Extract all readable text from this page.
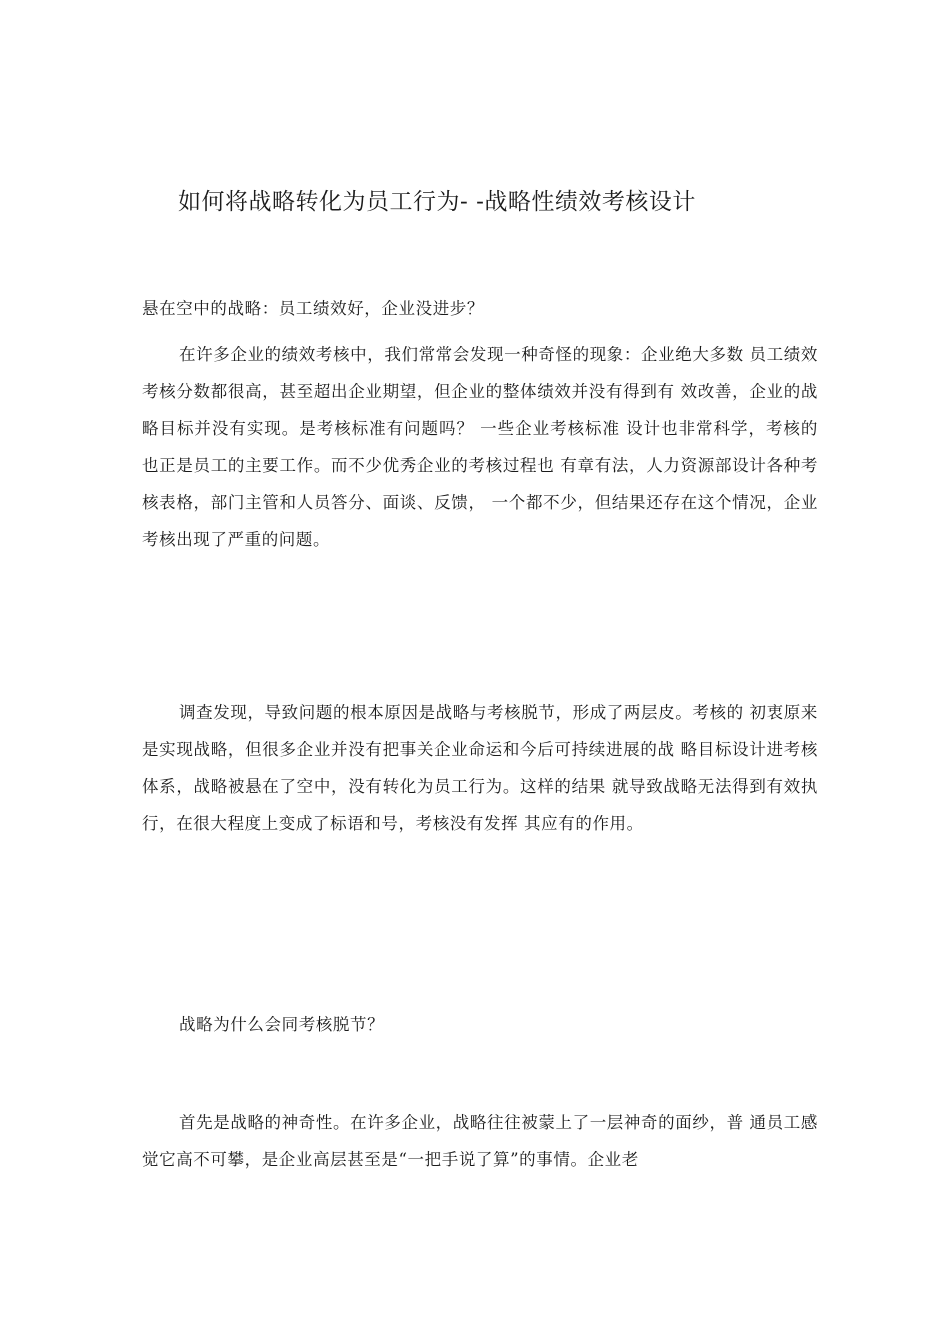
如何将战略转化为员工行为- -战略性绩效考核设计

悬在空中的战略：员工绩效好，企业没进步？

在许多企业的绩效考核中，我们常常会发现一种奇怪的现象：企业绝大多数 员工绩效考核分数都很高，甚至超出企业期望，但企业的整体绩效并没有得到有 效改善，企业的战略目标并没有实现。是考核标准有问题吗？ 一些企业考核标准 设计也非常科学，考核的也正是员工的主要工作。而不少优秀企业的考核过程也 有章有法，人力资源部设计各种考核表格，部门主管和人员答分、面谈、反馈， 一个都不少，但结果还存在这个情况，企业考核出现了严重的问题。

调查发现，导致问题的根本原因是战略与考核脱节，形成了两层皮。考核的 初衷原来是实现战略，但很多企业并没有把事关企业命运和今后可持续进展的战 略目标设计进考核体系，战略被悬在了空中，没有转化为员工行为。这样的结果 就导致战略无法得到有效执行，在很大程度上变成了标语和号，考核没有发挥 其应有的作用。

战略为什么会同考核脱节？

首先是战略的神奇性。在许多企业，战略往往被蒙上了一层神奇的面纱，普 通员工感觉它高不可攀，是企业高层甚至是“一把手说了算”的事情。企业老
